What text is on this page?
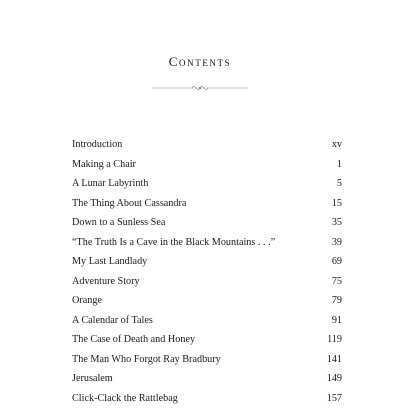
Contents
Introduction	xv
Making a Chair	1
A Lunar Labyrinth	5
The Thing About Cassandra	15
Down to a Sunless Sea	35
“The Truth Is a Cave in the Black Mountains . . .”	39
My Last Landlady	69
Adventure Story	75
Orange	79
A Calendar of Tales	91
The Case of Death and Honey	119
The Man Who Forgot Ray Bradbury	141
Jerusalem	149
Click-Clack the Rattlebag	157
